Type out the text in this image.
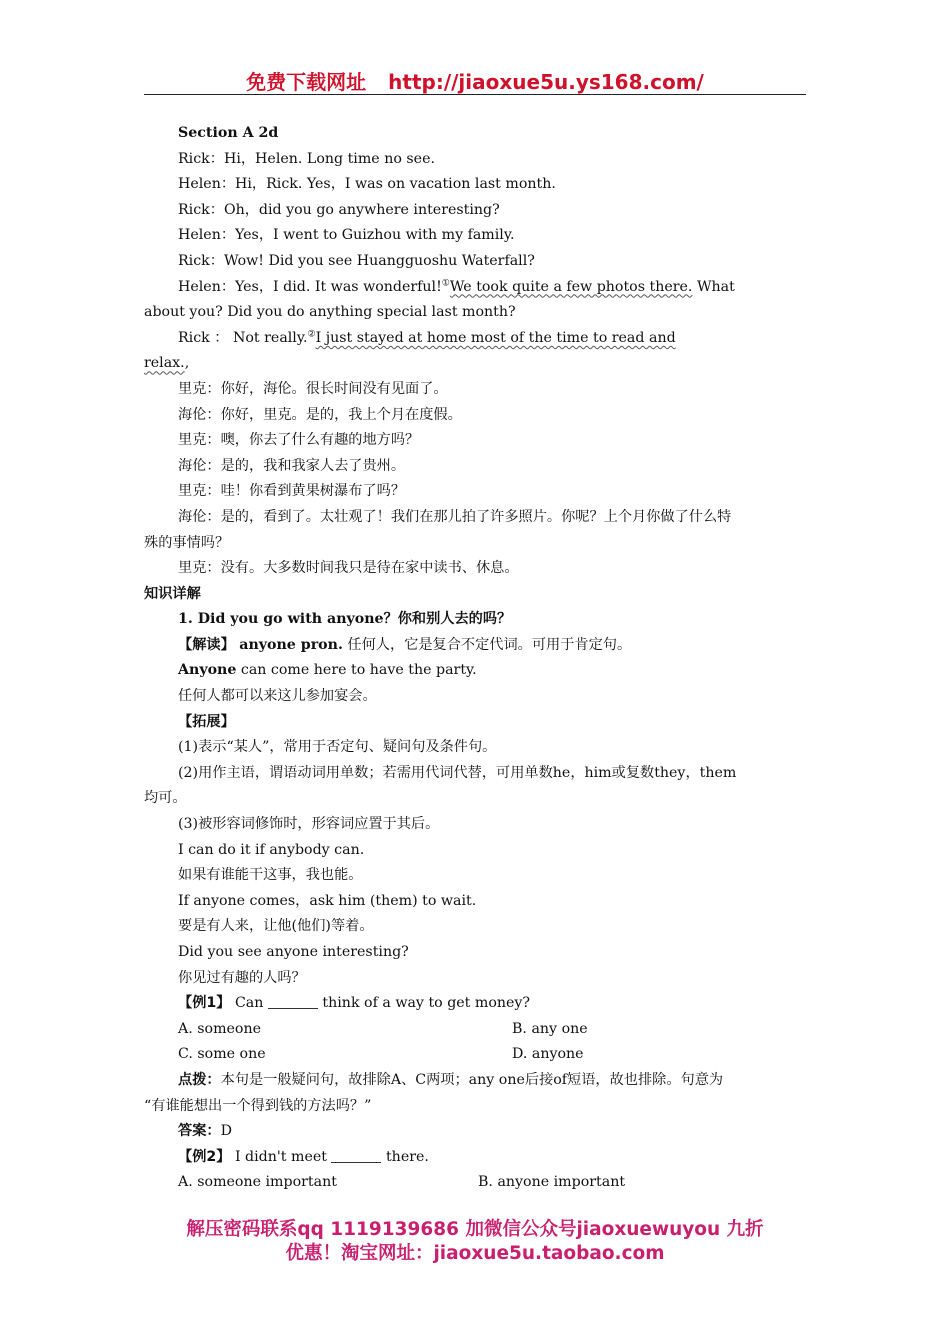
免费下载网址 http://jiaoxue5u.ys168.com/
Section A 2d
Rick：Hi，Helen. Long time no see.
Helen：Hi，Rick. Yes，I was on vacation last month.
Rick：Oh，did you go anywhere interesting?
Helen：Yes，I went to Guizhou with my family.
Rick：Wow! Did you see Huangguoshu Waterfall?
Helen：Yes，I did. It was wonderful!①We took quite a few photos there. What
about you? Did you do anything special last month?
Rick ： Not really.②I just stayed at home most of the time to read and
relax.,
里克：你好，海伦。很长时间没有见面了。
海伦：你好，里克。是的，我上个月在度假。
里克：噢，你去了什么有趣的地方吗？
海伦：是的，我和我家人去了贵州。
里克：哇！你看到黄果树瀑布了吗？
海伦：是的，看到了。太壮观了！我们在那儿拍了许多照片。你呢？上个月你做了什么特
殊的事情吗？
里克：没有。大多数时间我只是待在家中读书、休息。
知识详解
1. Did you go with anyone？你和别人去的吗？
【解读】 anyone pron. 任何人，它是复合不定代词。可用于肯定句。
Anyone can come here to have the party.
任何人都可以来这儿参加宴会。
【拓展】
(1)表示“某人”，常用于否定句、疑问句及条件句。
(2)用作主语，谓语动词用单数；若需用代词代替，可用单数he，him或复数they，them
均可。
(3)被形容词修饰时，形容词应置于其后。
I can do it if anybody can.
如果有谁能干这事，我也能。
If anyone comes，ask him (them) to wait.
要是有人来，让他(他们)等着。
Did you see anyone interesting?
你见过有趣的人吗？
【例1】 Can	think of a way to get money?
A. someone	B. any one
C. some one	D. anyone
点拨：本句是一般疑问句，故排除A、C两项；any one后接of短语，故也排除。句意为
“有谁能想出一个得到钱的方法吗？”
答案：D
【例2】 I didn't meet	there.
A. someone important	B. anyone important
解压密码联系qq 1119139686 加微信公众号jiaoxuewuyou 九折
优惠！淘宝网址：jiaoxue5u.taobao.com
